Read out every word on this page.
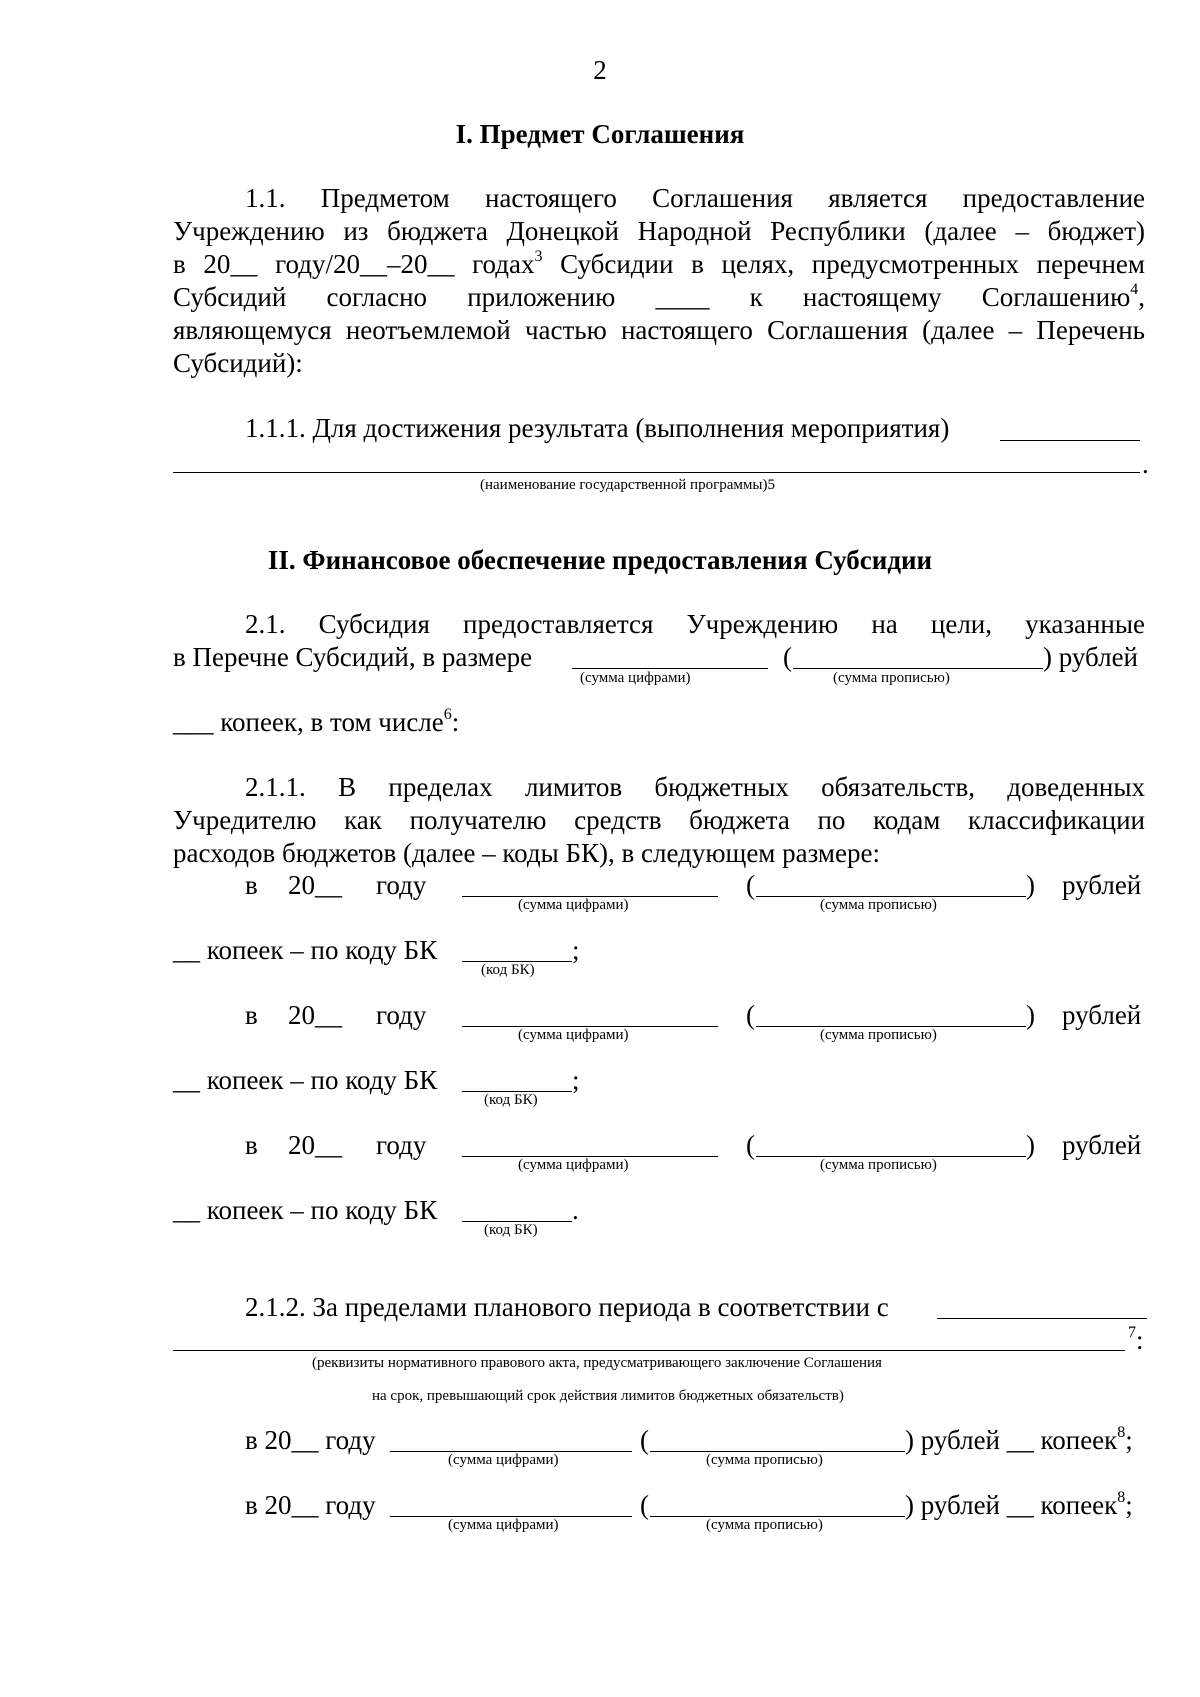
2
I. Предмет Соглашения
1.1. Предметом настоящего Соглашения является предоставление
Учреждению из бюджета Донецкой Народной Республики (далее – бюджет)
в 20__ году/20__–20__ годах$^3$ Субсидии в целях, предусмотренных перечнем
Субсидий согласно приложению ____ к настоящему Соглашению$^4$,
являющемуся неотъемлемой частью настоящего Соглашения (далее – Перечень
Субсидий):
1.1.1. Для достижения результата (выполнения мероприятия)
.
(наименование государственной программы)5
II. Финансовое обеспечение предоставления Субсидии
2.1. Субсидия предоставляется Учреждению на цели, указанные
в Перечне Субсидий, в размере	(	) рублей
(сумма цифрами)	(сумма прописью)
___ копеек, в том числе$^6$:
2.1.1. В пределах лимитов бюджетных обязательств, доведенных
Учредителю как получателю средств бюджета по кодам классификации
расходов бюджетов (далее – коды БК), в следующем размере:
в 20__ году	(	) рублей
(сумма цифрами)	(сумма прописью)
__ копеек – по коду БК	;
(код БК)
в 20__ году	(	) рублей
(сумма цифрами)	(сумма прописью)
__ копеек – по коду БК	;
(код БК)
в 20__ году	(	) рублей
(сумма цифрами)	(сумма прописью)
__ копеек – по коду БК	.
(код БК)
2.1.2. За пределами планового периода в соответствии с
$^7$:
(реквизиты нормативного правового акта, предусматривающего заключение Соглашения
на срок, превышающий срок действия лимитов бюджетных обязательств)
в 20__ году	(	) рублей __ копеек$^8$;
(сумма цифрами)	(сумма прописью)
в 20__ году	(	) рублей __ копеек$^8$;
(сумма цифрами)	(сумма прописью)
